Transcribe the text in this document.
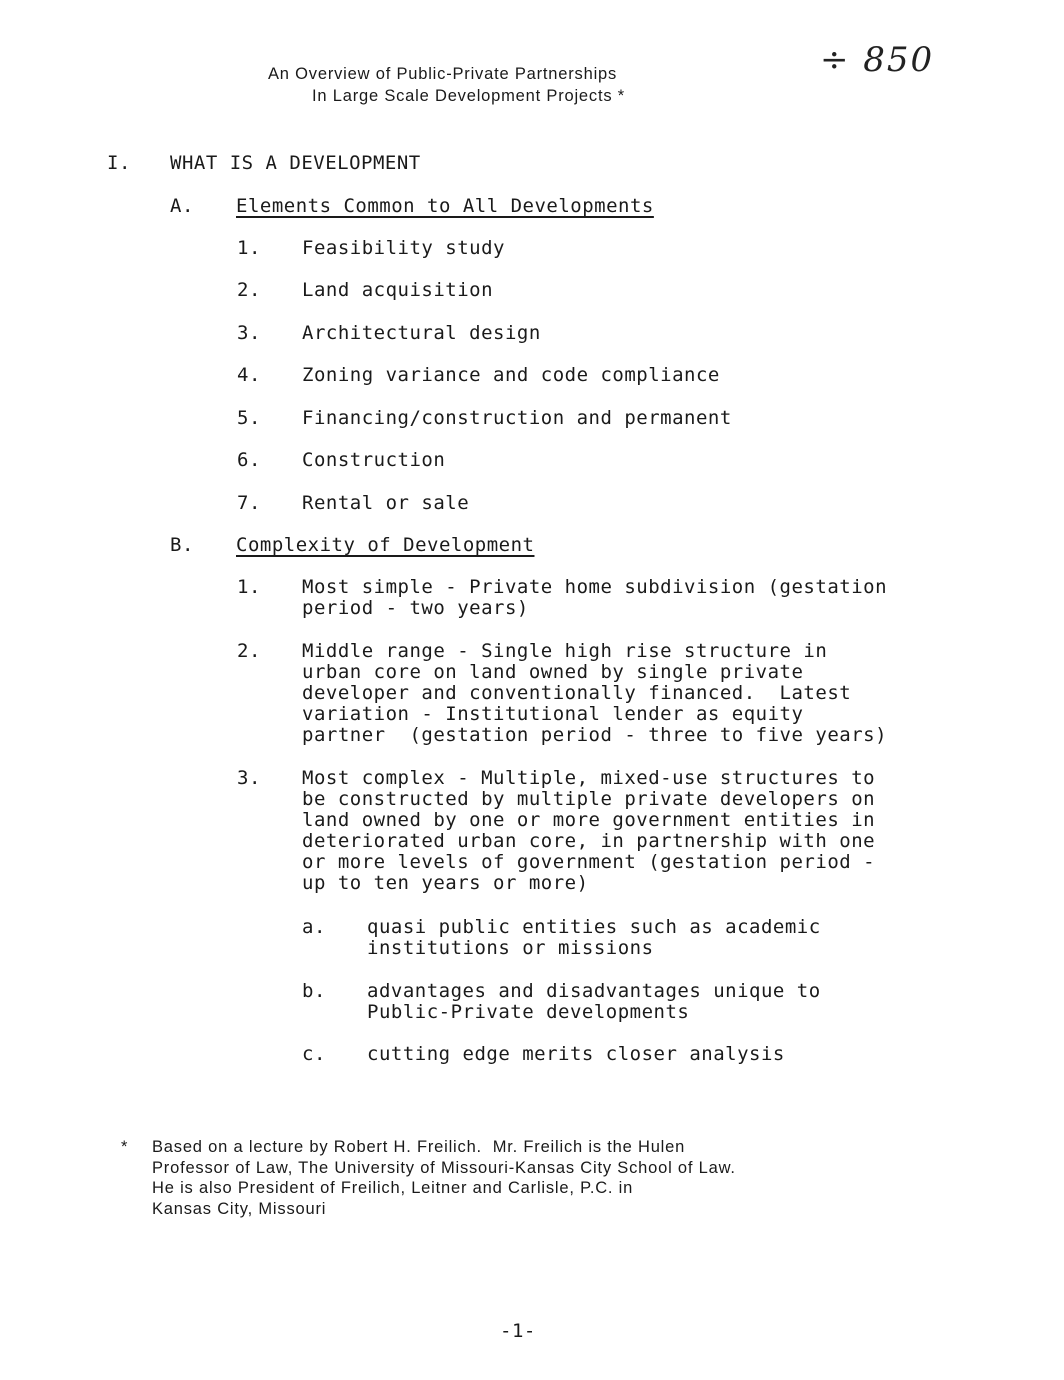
An Overview of Public-Private Partnerships
In Large Scale Development Projects *
÷ 850
I. WHAT IS A DEVELOPMENT
A. Elements Common to All Developments
1. Feasibility study
2. Land acquisition
3. Architectural design
4. Zoning variance and code compliance
5. Financing/construction and permanent
6. Construction
7. Rental or sale
B. Complexity of Development
1. Most simple - Private home subdivision (gestation
period - two years)
2. Middle range - Single high rise structure in
urban core on land owned by single private
developer and conventionally financed.  Latest
variation - Institutional lender as equity
partner  (gestation period - three to five years)
3. Most complex - Multiple, mixed-use structures to
be constructed by multiple private developers on
land owned by one or more government entities in
deteriorated urban core, in partnership with one
or more levels of government (gestation period -
up to ten years or more)
a. quasi public entities such as academic
institutions or missions
b. advantages and disadvantages unique to
Public-Private developments
c. cutting edge merits closer analysis
* Based on a lecture by Robert H. Freilich.  Mr. Freilich is the Hulen
Professor of Law, The University of Missouri-Kansas City School of Law.
He is also President of Freilich, Leitner and Carlisle, P.C. in
Kansas City, Missouri
-1-
